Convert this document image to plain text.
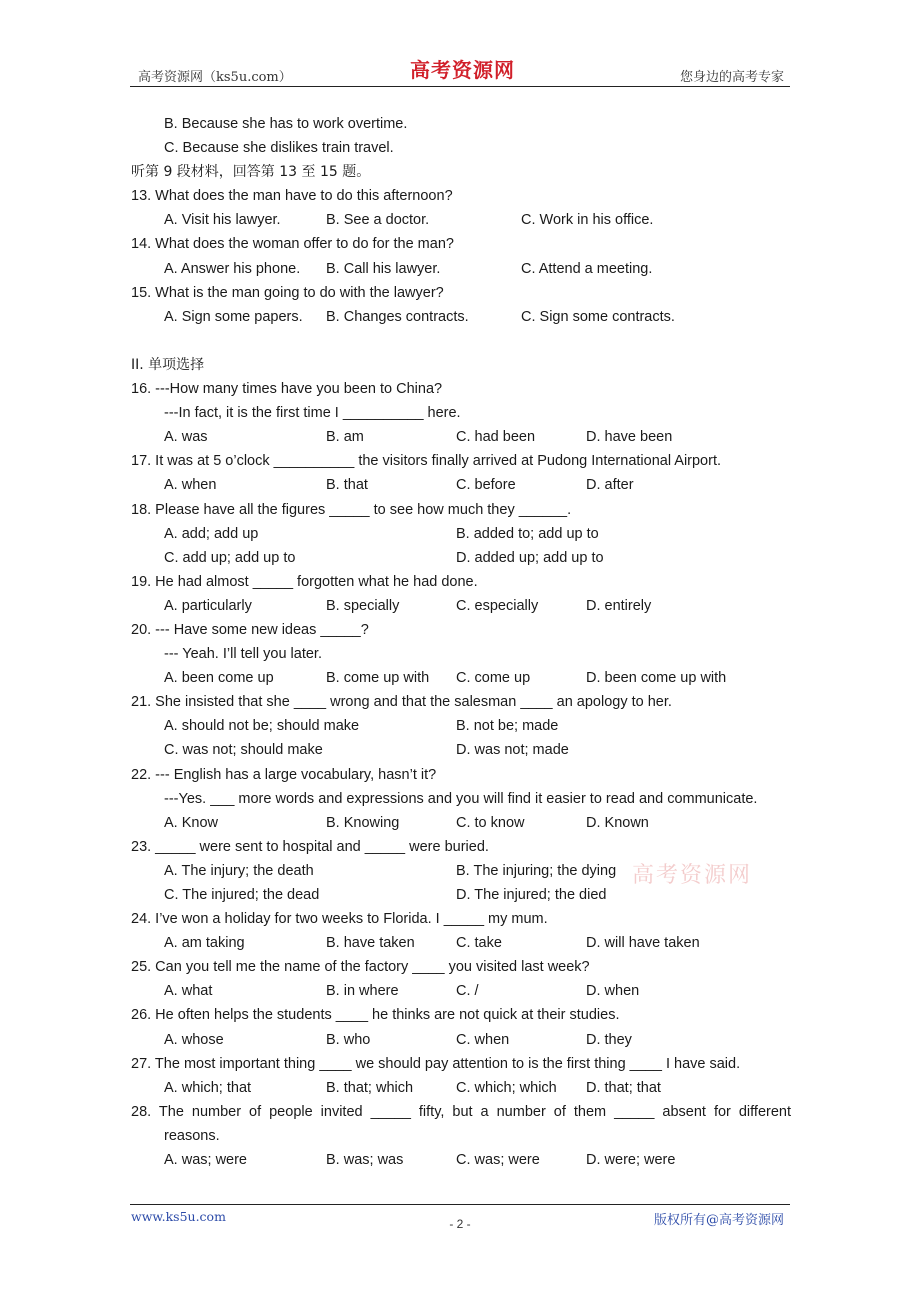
高考资源网（ks5u.com）	高考资源网	您身边的高考专家
B. Because she has to work overtime.
C. Because she dislikes train travel.
听第 9 段材料，回答第 13 至 15 题。
13. What does the man have to do this afternoon?
A. Visit his lawyer.	B. See a doctor.	C. Work in his office.
14. What does the woman offer to do for the man?
A. Answer his phone. B. Call his lawyer.	C. Attend a meeting.
15. What is the man going to do with the lawyer?
A. Sign some papers. B. Changes contracts.	C. Sign some contracts.
II. 单项选择
16. ---How many times have you been to China?
---In fact, it is the first time I __________ here.
A. was	B. am	C. had been	D. have been
17. It was at 5 o’clock __________ the visitors finally arrived at Pudong International Airport.
A. when	B. that	C. before	D. after
18. Please have all the figures _____ to see how much they ______.
A. add; add up	B. added to; add up to
C. add up; add up to	D. added up; add up to
19. He had almost _____ forgotten what he had done.
A. particularly	B. specially	C. especially	D. entirely
20. --- Have some new ideas _____?
--- Yeah. I’ll tell you later.
A. been come up	B. come up with C. come up	D. been come up with
21. She insisted that she ____ wrong and that the salesman ____ an apology to her.
A. should not be; should make	B. not be; made
C. was not; should make	D. was not; made
22. --- English has a large vocabulary, hasn’t it?
---Yes. ___ more words and expressions and you will find it easier to read and communicate.
A. Know	B. Knowing	C. to know	D. Known
23. _____ were sent to hospital and _____ were buried.
A. The injury; the death	B. The injuring; the dying
C. The injured; the dead	D. The injured; the died
24. I’ve won a holiday for two weeks to Florida. I _____ my mum.
A. am taking	B. have taken	C. take	D. will have taken
25. Can you tell me the name of the factory ____ you visited last week?
A. what	B. in where	C. /	D. when
26. He often helps the students ____ he thinks are not quick at their studies.
A. whose	B. who	C. when	D. they
27. The most important thing ____ we should pay attention to is the first thing ____ I have said.
A. which; that	B. that; which	C. which; which D. that; that
28. The number of people invited _____ fifty, but a number of them _____ absent for different
reasons.
A. was; were	B. was; was	C. was; were	D. were; were
高考资源网
www.ks5u.com	- 2 -	版权所有@高考资源网
